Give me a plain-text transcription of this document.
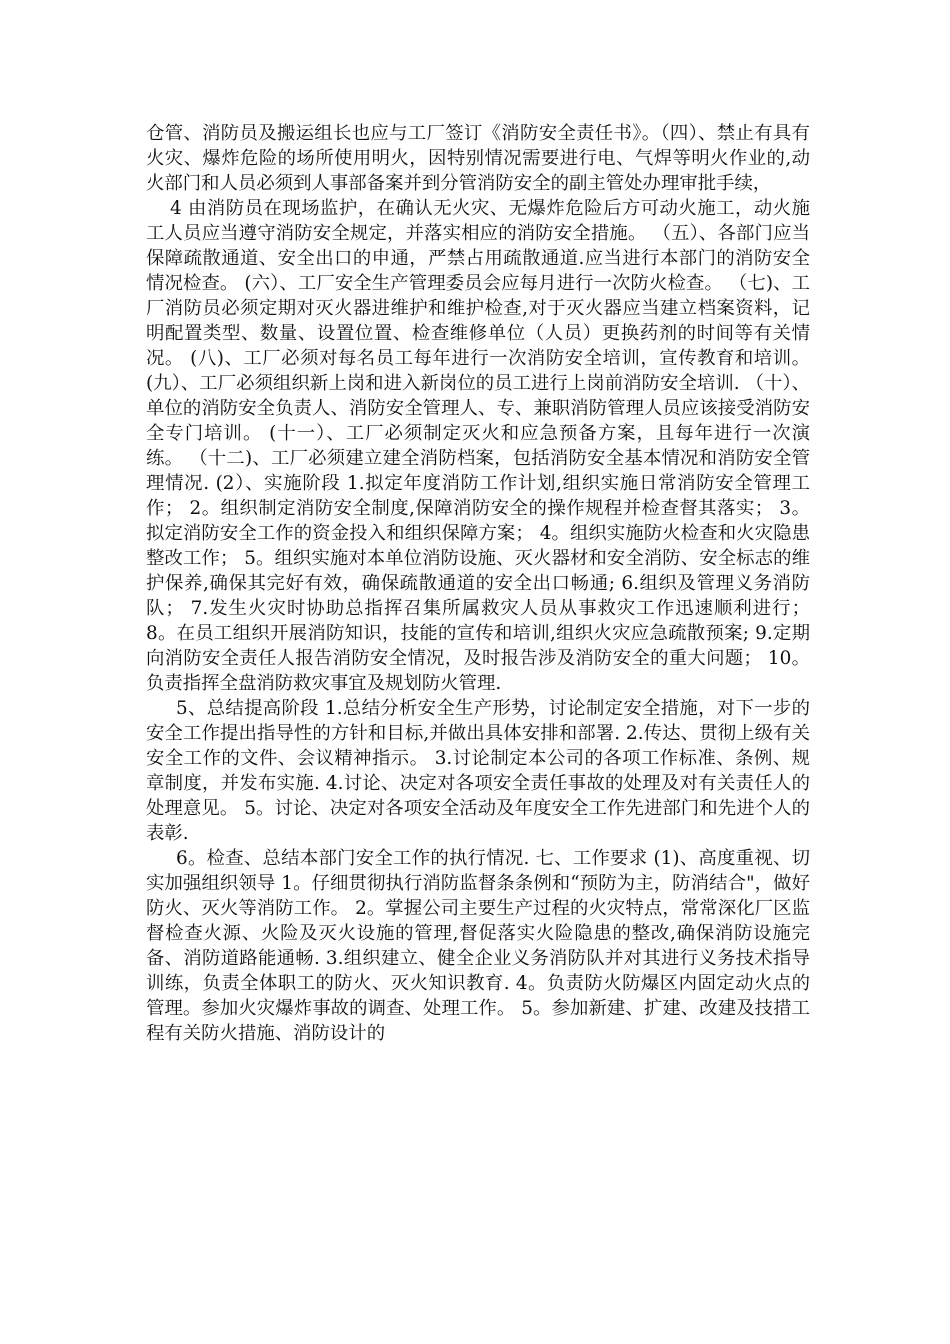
仓管、消防员及搬运组长也应与工厂签订《消防安全责任书》。（四）、禁止有具有火灾、爆炸危险的场所使用明火，因特别情况需要进行电、气焊等明火作业的,动火部门和人员必须到人事部备案并到分管消防安全的副主管处办理审批手续，

4 由消防员在现场监护，在确认无火灾、无爆炸危险后方可动火施工，动火施工人员应当遵守消防安全规定，并落实相应的消防安全措施。 （五）、各部门应当保障疏散通道、安全出口的申通，严禁占用疏散通道.应当进行本部门的消防安全情况检查。 (六）、工厂安全生产管理委员会应每月进行一次防火检查。 （七)、工厂消防员必须定期对灭火器进维护和维护检查,对于灭火器应当建立档案资料，记明配置类型、数量、设置位置、检查维修单位（人员）更换药剂的时间等有关情况。 (八)、工厂必须对每名员工每年进行一次消防安全培训，宣传教育和培训。 (九）、工厂必须组织新上岗和进入新岗位的员工进行上岗前消防安全培训. （十）、单位的消防安全负责人、消防安全管理人、专、兼职消防管理人员应该接受消防安全专门培训。 (十一）、工厂必须制定灭火和应急预备方案，且每年进行一次演练。 （十二)、工厂必须建立建全消防档案，包括消防安全基本情况和消防安全管理情况. (2）、实施阶段 1.拟定年度消防工作计划,组织实施日常消防安全管理工作； 2。组织制定消防安全制度,保障消防安全的操作规程并检查督其落实； 3。拟定消防安全工作的资金投入和组织保障方案； 4。组织实施防火检查和火灾隐患整改工作； 5。组织实施对本单位消防设施、灭火器材和安全消防、安全标志的维护保养,确保其完好有效，确保疏散通道的安全出口畅通; 6.组织及管理义务消防队； 7.发生火灾时协助总指挥召集所属救灾人员从事救灾工作迅速顺利进行； 8。在员工组织开展消防知识，技能的宣传和培训,组织火灾应急疏散预案; 9.定期向消防安全责任人报告消防安全情况，及时报告涉及消防安全的重大问题； 10。负责指挥全盘消防救灾事宜及规划防火管理.

5、总结提高阶段 1.总结分析安全生产形势，讨论制定安全措施，对下一步的安全工作提出指导性的方针和目标,并做出具体安排和部署. 2.传达、贯彻上级有关安全工作的文件、会议精神指示。 3.讨论制定本公司的各项工作标准、条例、规章制度，并发布实施. 4.讨论、决定对各项安全责任事故的处理及对有关责任人的处理意见。 5。讨论、决定对各项安全活动及年度安全工作先进部门和先进个人的表彰.

6。检查、总结本部门安全工作的执行情况. 七、工作要求 (1)、高度重视、切实加强组织领导 1。仔细贯彻执行消防监督条条例和“预防为主，防消结合"，做好防火、灭火等消防工作。 2。掌握公司主要生产过程的火灾特点，常常深化厂区监督检查火源、火险及灭火设施的管理,督促落实火险隐患的整改,确保消防设施完备、消防道路能通畅. 3.组织建立、健全企业义务消防队并对其进行义务技术指导训练，负责全体职工的防火、灭火知识教育. 4。负责防火防爆区内固定动火点的管理。参加火灾爆炸事故的调查、处理工作。 5。参加新建、扩建、改建及技措工程有关防火措施、消防设计的
